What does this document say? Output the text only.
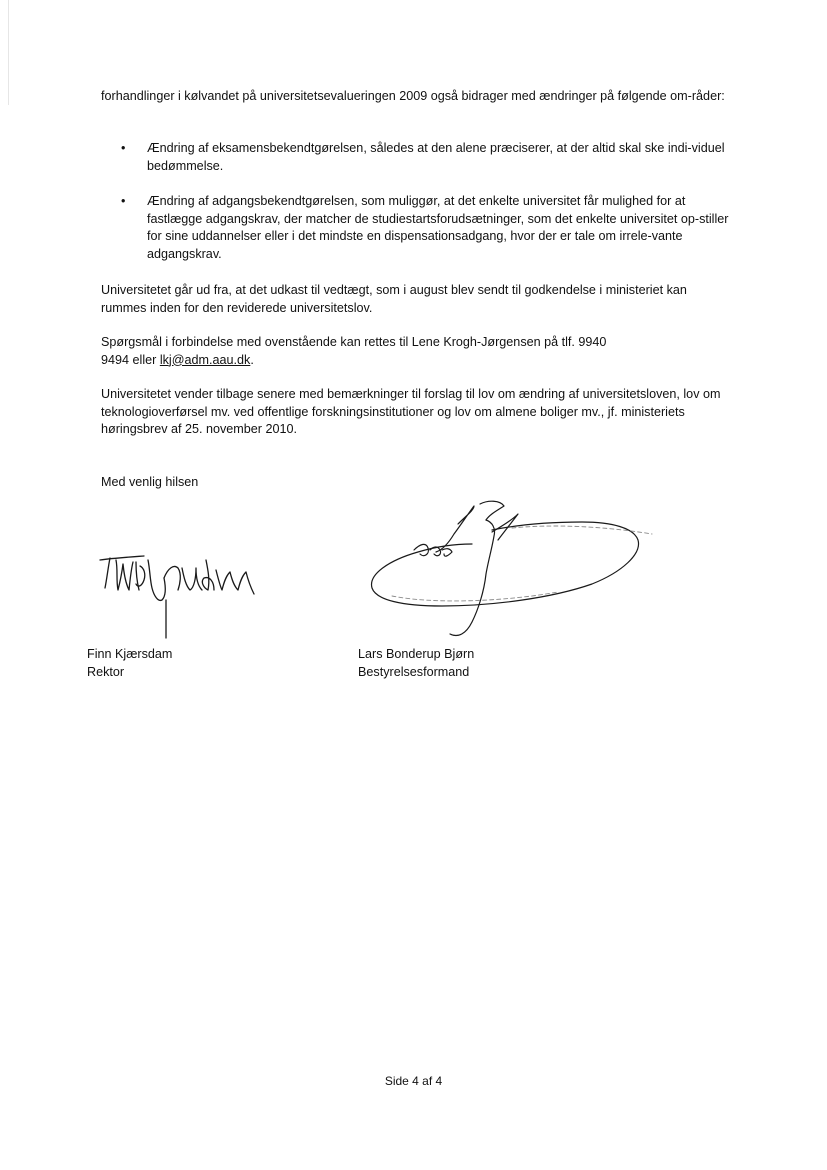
forhandlinger i kølvandet på universitetsevalueringen 2009 også bidrager med ændringer på følgende om-råder:

•	Ændring af eksamensbekendtgørelsen, således at den alene præciserer, at der altid skal ske indi-viduel bedømmelse.

•	Ændring af adgangsbekendtgørelsen, som muliggør, at det enkelte universitet får mulighed for at fastlægge adgangskrav, der matcher de studiestartsforudsætninger, som det enkelte universitet op-stiller for sine uddannelser eller i det mindste en dispensationsadgang, hvor der er tale om irrele-vante adgangskrav.

Universitetet går ud fra, at det udkast til vedtægt, som i august blev sendt til godkendelse i ministeriet kan rummes inden for den reviderede universitetslov.

Spørgsmål i forbindelse med ovenstående kan rettes til Lene Krogh-Jørgensen på tlf. 9940
9494 eller lkj@adm.aau.dk.

Universitetet vender tilbage senere med bemærkninger til forslag til lov om ændring af universitetsloven, lov om teknologioverførsel mv. ved offentlige forskningsinstitutioner og lov om almene boliger mv., jf. ministeriets høringsbrev af 25. november 2010.

Med venlig hilsen

Finn Kjærsdam
Rektor
Lars Bonderup Bjørn
Bestyrelsesformand
Side 4 af 4
